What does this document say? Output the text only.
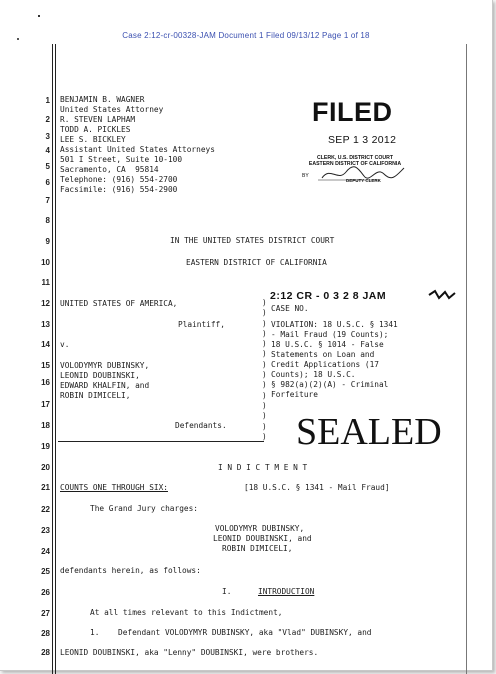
Case 2:12-cr-00328-JAM Document 1 Filed 09/13/12 Page 1 of 18
1
2
3
4
5
6
7
8
9
10
11
12
13
14
15
16
17
18
19
20
21
22
23
24
25
26
27
28
BENJAMIN B. WAGNER
United States Attorney
R. STEVEN LAPHAM
TODD A. PICKLES
LEE S. BICKLEY
Assistant United States Attorneys
501 I Street, Suite 10-100
Sacramento, CA  95814
Telephone: (916) 554-2700
Facsimile: (916) 554-2900
FILED
SEP 1 3 2012
CLERK, U.S. DISTRICT COURT
EASTERN DISTRICT OF CALIFORNIA
BY
DEPUTY CLERK
IN THE UNITED STATES DISTRICT COURT
EASTERN DISTRICT OF CALIFORNIA
UNITED STATES OF AMERICA,
Plaintiff,
v.
VOLODYMYR DUBINSKY,
LEONID DOUBINSKI,
EDWARD KHALFIN, and
ROBIN DIMICELI,
Defendants.
)
)
)
)
)
)
)
)
)
)
)
)
)
)
CASE NO.
2:12 CR - 0 3 2 8 JAM
VIOLATION: 18 U.S.C. § 1341
- Mail Fraud (19 Counts);
18 U.S.C. § 1014 - False
Statements on Loan and
Credit Applications (17
Counts); 18 U.S.C.
§ 982(a)(2)(A) - Criminal
Forfeiture
SEALED
I N D I C T M E N T
COUNTS ONE THROUGH SIX:	[18 U.S.C. § 1341 - Mail Fraud]
The Grand Jury charges:
VOLODYMYR DUBINSKY,
LEONID DOUBINSKI, and
ROBIN DIMICELI,
defendants herein, as follows:
I.	INTRODUCTION
At all times relevant to this Indictment,
1. Defendant VOLODYMYR DUBINSKY, aka "Vlad" DUBINSKY, and
LEONID DOUBINSKI, aka "Lenny" DOUBINSKI, were brothers.
28
